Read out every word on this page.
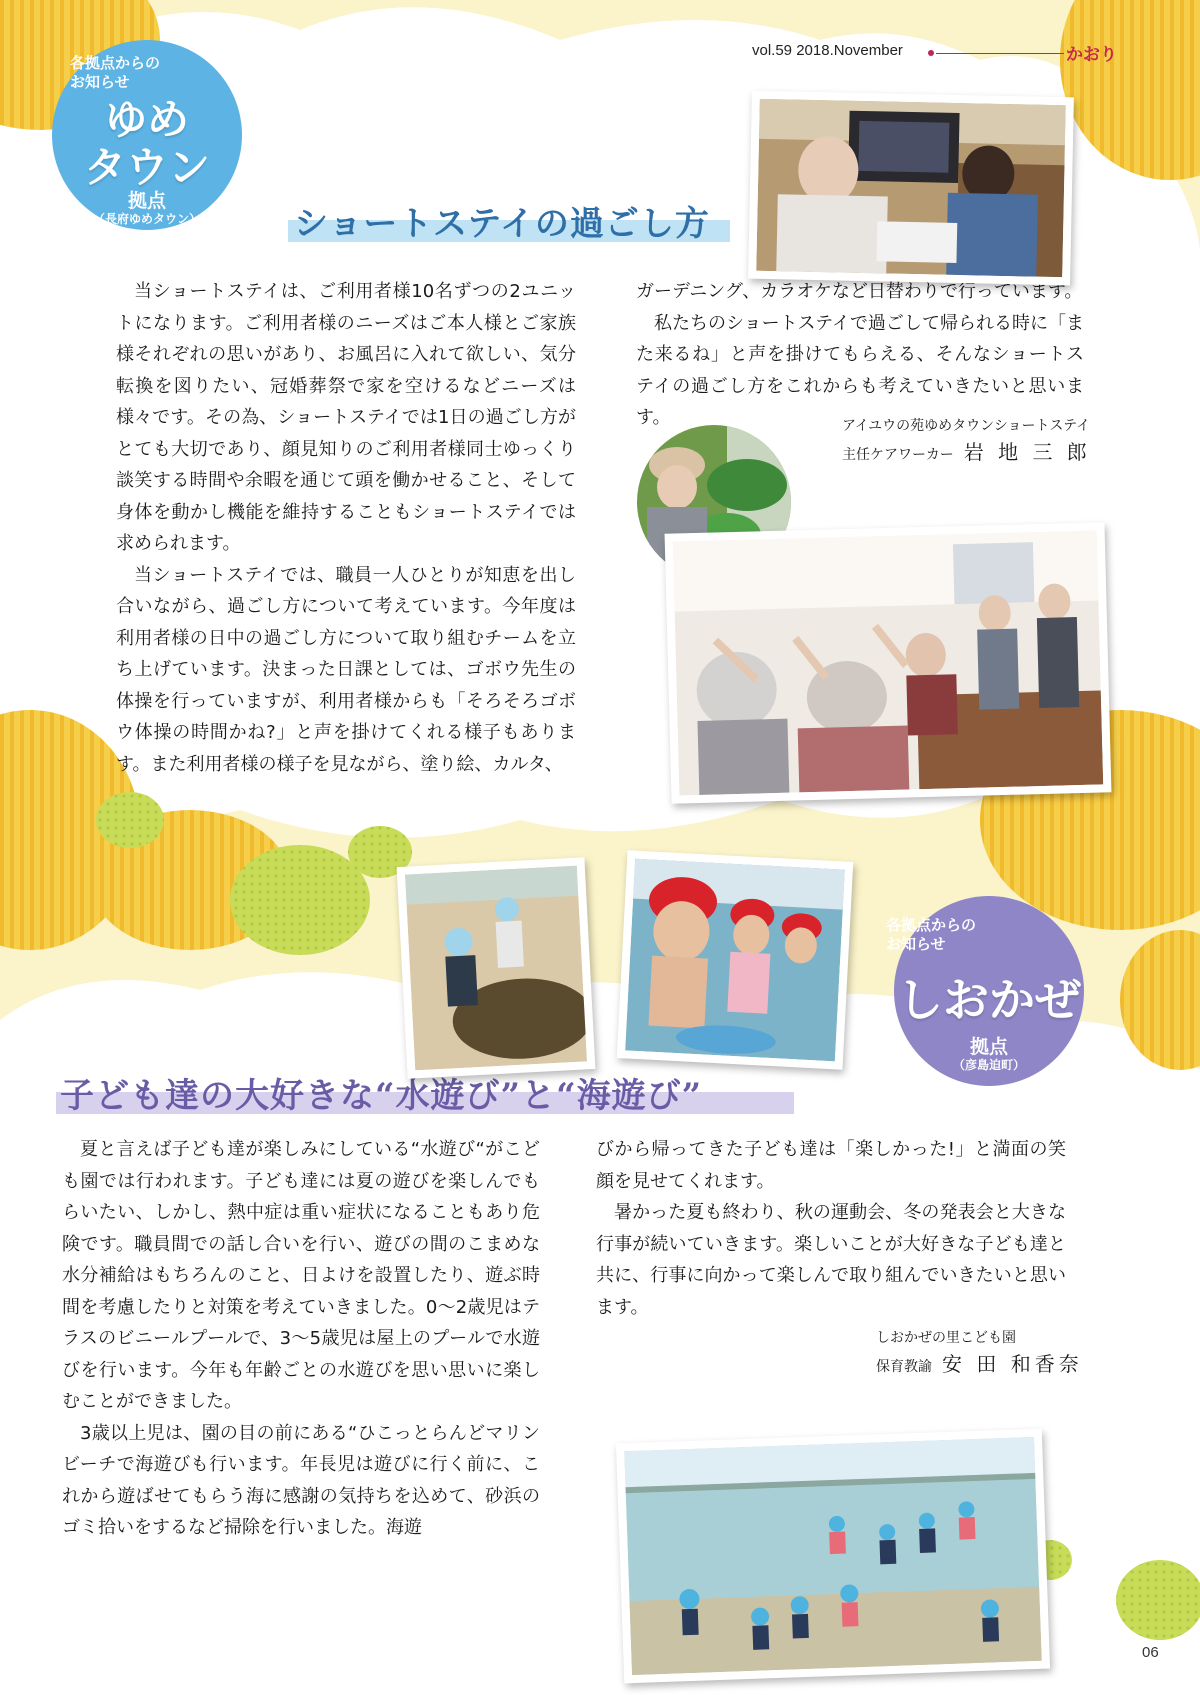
vol.59 2018.November	かおり
各拠点からの
お知らせ
ゆめ
タウン
拠点
（長府ゆめタウン）	ショートステイの過ごし方

当ショートステイは、ご利用者様10名ずつの2ユニットになります。ご利用者様のニーズはご本人様とご家族様それぞれの思いがあり、お風呂に入れて欲しい、気分転換を図りたい、冠婚葬祭で家を空けるなどニーズは様々です。その為、ショートステイでは1日の過ごし方がとても大切であり、顔見知りのご利用者様同士ゆっくり談笑する時間や余暇を通じて頭を働かせること、そして身体を動かし機能を維持することもショートステイでは求められます。

当ショートステイでは、職員一人ひとりが知恵を出し合いながら、過ごし方について考えています。今年度は利用者様の日中の過ごし方について取り組むチームを立ち上げています。決まった日課としては、ゴボウ先生の体操を行っていますが、利用者様からも「そろそろゴボウ体操の時間かね?」と声を掛けてくれる様子もあります。また利用者様の様子を見ながら、塗り絵、カルタ、

ガーデニング、カラオケなど日替わりで行っています。

私たちのショートステイで過ごして帰られる時に「また来るね」と声を掛けてもらえる、そんなショートステイの過ごし方をこれからも考えていきたいと思います。	アイユウの苑ゆめタウンショートステイ
主任ケアワーカー 岩 地 三 郎
各拠点からの
お知らせ
しおかぜ
拠点
（彦島迫町）
子ども達の大好きな“水遊び”と“海遊び”

夏と言えば子ども達が楽しみにしている“水遊び“がこども園では行われます。子ども達には夏の遊びを楽しんでもらいたい、しかし、熱中症は重い症状になることもあり危険です。職員間での話し合いを行い、遊びの間のこまめな水分補給はもちろんのこと、日よけを設置したり、遊ぶ時間を考慮したりと対策を考えていきました。0〜2歳児はテラスのビニールプールで、3〜5歳児は屋上のプールで水遊びを行います。今年も年齢ごとの水遊びを思い思いに楽しむことができました。

3歳以上児は、園の目の前にある“ひこっとらんどマリンビーチで海遊びも行います。年長児は遊びに行く前に、これから遊ばせてもらう海に感謝の気持ちを込めて、砂浜のゴミ拾いをするなど掃除を行いました。海遊

びから帰ってきた子ども達は「楽しかった!」と満面の笑顔を見せてくれます。

暑かった夏も終わり、秋の運動会、冬の発表会と大きな行事が続いていきます。楽しいことが大好きな子ども達と共に、行事に向かって楽しんで取り組んでいきたいと思います。

しおかぜの里こども園
保育教諭 安 田 和香奈
06
